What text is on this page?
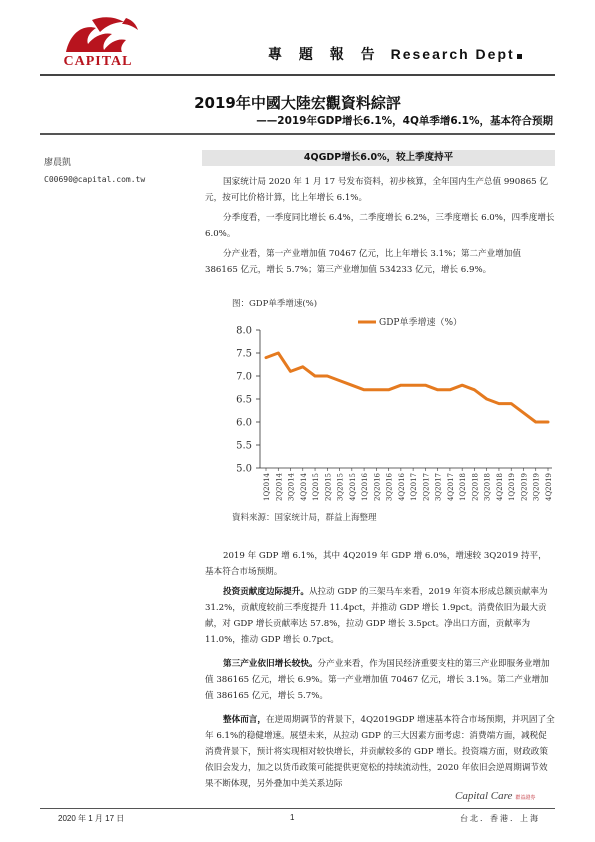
CAPITAL	專 題 報 告 Research Dept
2019年中國大陸宏觀資料綜評
——2019年GDP增长6.1%，4Q单季增6.1%，基本符合预期
廖晨凱
C00690@capital.com.tw
4QGDP增长6.0%，较上季度持平
国家统计局 2020 年 1 月 17 号发布资料，初步核算，全年国内生产总值 990865 亿元，按可比价格计算，比上年增长 6.1%。
分季度看，一季度同比增长 6.4%，二季度增长 6.2%，三季度增长 6.0%，四季度增长 6.0%。
分产业看，第一产业增加值 70467 亿元，比上年增长 3.1%；第二产业增加值 386165 亿元，增长 5.7%；第三产业增加值 534233 亿元，增长 6.9%。
图：GDP单季增速(%)
8.0
7.5
7.0
6.5
6.0
5.5
5.0
1Q2014 2Q2014 3Q2014 4Q2014 1Q2015 2Q2015 3Q2015 4Q2015 1Q2016 2Q2016 3Q2016 4Q2016 1Q2017 2Q2017 3Q2017 4Q2017 1Q2018 2Q2018 3Q2018 4Q2018 1Q2019 2Q2019 3Q2019 4Q2019
GDP单季增速（%）
資料來源：国家统计局，群益上海整理
2019 年 GDP 增 6.1%，其中 4Q2019 年 GDP 增 6.0%，增速较 3Q2019 持平，基本符合市场预期。
投资贡献度边际提升。从拉动 GDP 的三架马车来看，2019 年资本形成总额贡献率为 31.2%，贡献度较前三季度提升 11.4pct，并推动 GDP 增长 1.9pct。消费依旧为最大贡献，对 GDP 增长贡献率达 57.8%，拉动 GDP 增长 3.5pct。净出口方面，贡献率为 11.0%，推动 GDP 增长 0.7pct。
第三产业依旧增长较快。分产业来看，作为国民经济重要支柱的第三产业即服务业增加值 386165 亿元，增长 6.9%。第一产业增加值 70467 亿元，增长 3.1%。第二产业增加值 386165 亿元，增长 5.7%。
整体而言，在逆周期调节的背景下，4Q2019GDP 增速基本符合市场预期，并巩固了全年 6.1%的稳健增速。展望未来，从拉动 GDP 的三大因素方面考虑：消费端方面，减税促消费背景下，预计将实现相对较快增长，并贡献较多的 GDP 增长。投资端方面，财政政策依旧会发力，加之以货币政策可能提供更宽松的持续流动性，2020 年依旧会逆周期调节效果不断体现，另外叠加中美关系边际
Capital Care 群益證券
2020 年 1 月 17 日	1	台北．香港．上海
